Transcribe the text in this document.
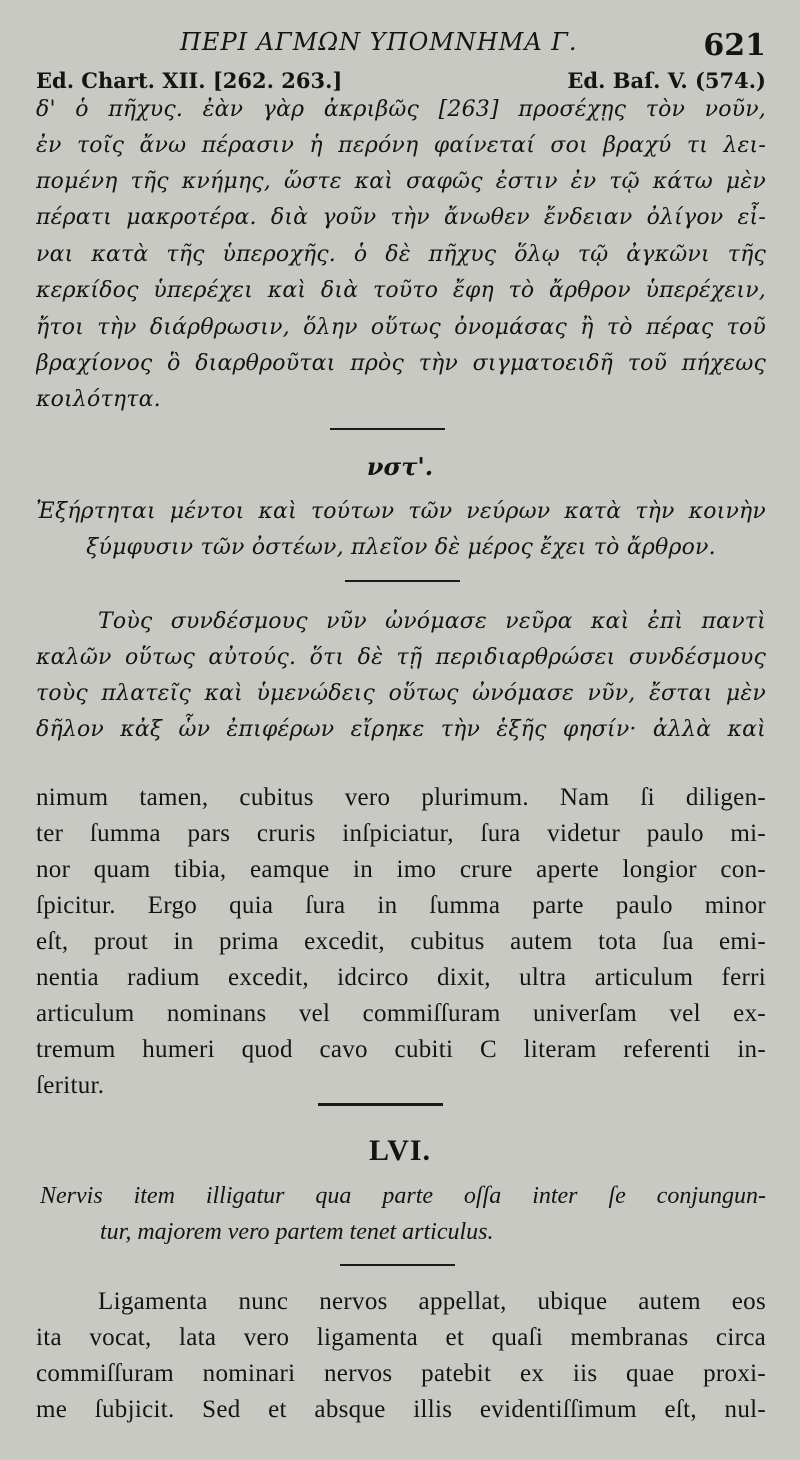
ΠΕΡΙ ΑΓΜΩΝ ΥΠΟΜΝΗΜΑ Γ.	621
Ed. Chart. XII. [262. 263.]	Ed. Baſ. V. (574.)

δ' ὁ πῆχυς. ἐὰν γὰρ ἀκριβῶς [263] προσέχῃς τὸν νοῦν,

ἐν τοῖς ἄνω πέρασιν ἡ περόνη φαίνεταί σοι βραχύ τι λει-

πομένη τῆς κνήμης, ὥστε καὶ σαφῶς ἐστιν ἐν τῷ κάτω μὲν

πέρατι μακροτέρα. διὰ γοῦν τὴν ἄνωθεν ἔνδειαν ὀλίγον εἶ-

ναι κατὰ τῆς ὑπεροχῆς. ὁ δὲ πῆχυς ὅλῳ τῷ ἀγκῶνι τῆς

κερκίδος ὑπερέχει καὶ διὰ τοῦτο ἔφη τὸ ἄρθρον ὑπερέχειν,

ἤτοι τὴν διάρθρωσιν, ὅλην οὕτως ὀνομάσας ἢ τὸ πέρας τοῦ

βραχίονος ὃ διαρθροῦται πρὸς τὴν σιγματοειδῆ τοῦ πήχεως

κοιλότητα.

νστ'.

Ἐξήρτηται μέντοι καὶ τούτων τῶν νεύρων κατὰ τὴν κοινὴν

ξύμφυσιν τῶν ὀστέων, πλεῖον δὲ μέρος ἔχει τὸ ἄρθρον.

Τοὺς συνδέσμους νῦν ὠνόμασε νεῦρα καὶ ἐπὶ παντὶ

καλῶν οὕτως αὐτούς. ὅτι δὲ τῇ περιδιαρθρώσει συνδέσμους

τοὺς πλατεῖς καὶ ὑμενώδεις οὕτως ὠνόμασε νῦν, ἔσται μὲν

δῆλον κἀξ ὧν ἐπιφέρων εἴρηκε τὴν ἑξῆς φησίν· ἀλλὰ καὶ

nimum tamen, cubitus vero plurimum. Nam ſi diligen-

ter ſumma pars cruris inſpiciatur, ſura videtur paulo mi-

nor quam tibia, eamque in imo crure aperte longior con-

ſpicitur. Ergo quia ſura in ſumma parte paulo minor

eſt, prout in prima excedit, cubitus autem tota ſua emi-

nentia radium excedit, idcirco dixit, ultra articulum ferri

articulum nominans vel commiſſuram univerſam vel ex-

tremum humeri quod cavo cubiti C literam referenti in-

ſeritur.

LVI.

Nervis item illigatur qua parte oſſa inter ſe conjungun-

tur, majorem vero partem tenet articulus.

Ligamenta nunc nervos appellat, ubique autem eos

ita vocat, lata vero ligamenta et quaſi membranas circa

commiſſuram nominari nervos patebit ex iis quae proxi-

me ſubjicit. Sed et absque illis evidentiſſimum eſt, nul-
